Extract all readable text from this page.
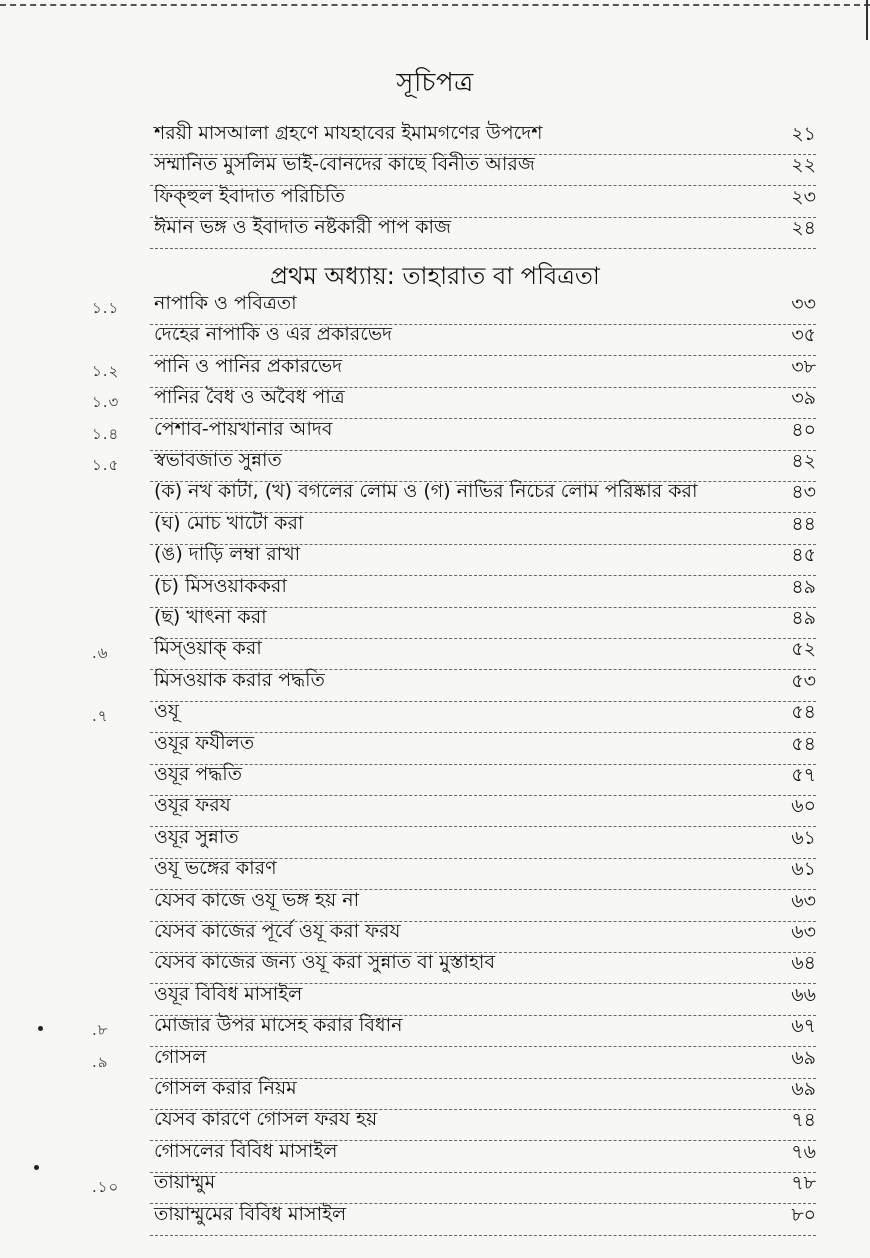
সূচিপত্র
শরয়ী মাসআলা গ্রহণে মাযহাবের ইমামগণের উপদেশ	২১
সম্মানিত মুসলিম ভাই-বোনদের কাছে বিনীত আরজ	২২
ফিক্‌হুল ইবাদাত পরিচিতি	২৩
ঈমান ভঙ্গ ও ইবাদাত নষ্টকারী পাপ কাজ	২৪
প্রথম অধ্যায়: তাহারাত বা পবিত্রতা
১.১ নাপাকি ও পবিত্রতা	৩৩
দেহের নাপাকি ও এর প্রকারভেদ	৩৫
১.২ পানি ও পানির প্রকারভেদ	৩৮
১.৩ পানির বৈধ ও অবৈধ পাত্র	৩৯
১.৪ পেশাব-পায়খানার আদব	৪০
১.৫ স্বভাবজাত সুন্নাত	৪২
(ক) নখ কাটা, (খ) বগলের লোম ও (গ) নাভির নিচের লোম পরিষ্কার করা	৪৩
(ঘ) মোচ খাটো করা	৪৪
(ঙ) দাড়ি লম্বা রাখা	৪৫
(চ) মিসওয়াককরা	৪৯
(ছ) খাৎনা করা	৪৯
.৬ মিস্‌ওয়াক্‌ করা	৫২
মিসওয়াক করার পদ্ধতি	৫৩
.৭ ওযূ	৫৪
ওযূর ফযীলত	৫৪
ওযূর পদ্ধতি	৫৭
ওযূর ফরয	৬০
ওযূর সুন্নাত	৬১
ওযূ ভঙ্গের কারণ	৬১
যেসব কাজে ওযূ ভঙ্গ হয় না	৬৩
যেসব কাজের পূর্বে ওযূ করা ফরয	৬৩
যেসব কাজের জন্য ওযূ করা সুন্নাত বা মুস্তাহাব	৬৪
ওযূর বিবিধ মাসাইল	৬৬
.৮ মোজার উপর মাসেহ করার বিধান	৬৭
.৯ গোসল	৬৯
গোসল করার নিয়ম	৬৯
যেসব কারণে গোসল ফরয হয়	৭৪
গোসলের বিবিধ মাসাইল	৭৬
.১০ তায়াম্মুম	৭৮
তায়াম্মুমের বিবিধ মাসাইল	৮০
